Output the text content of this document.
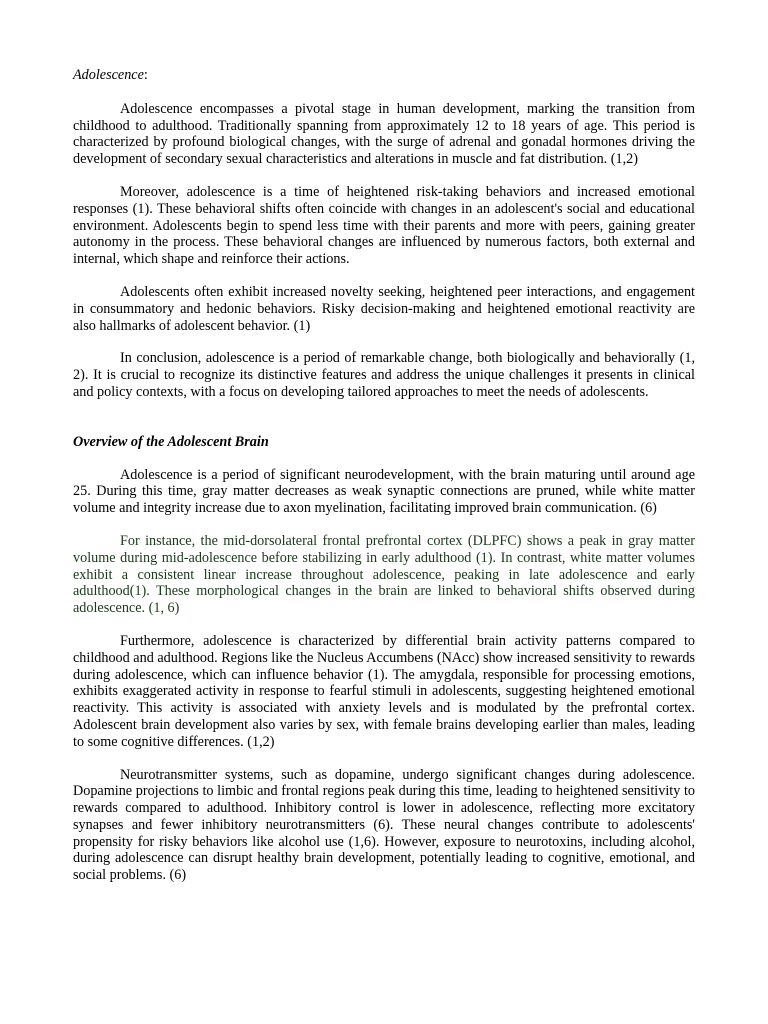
Adolescence:

Adolescence encompasses a pivotal stage in human development, marking the transition from childhood to adulthood. Traditionally spanning from approximately 12 to 18 years of age. This period is characterized by profound biological changes, with the surge of adrenal and gonadal hormones driving the development of secondary sexual characteristics and alterations in muscle and fat distribution. (1,2)

Moreover, adolescence is a time of heightened risk-taking behaviors and increased emotional responses (1). These behavioral shifts often coincide with changes in an adolescent's social and educational environment. Adolescents begin to spend less time with their parents and more with peers, gaining greater autonomy in the process. These behavioral changes are influenced by numerous factors, both external and internal, which shape and reinforce their actions.

Adolescents often exhibit increased novelty seeking, heightened peer interactions, and engagement in consummatory and hedonic behaviors. Risky decision-making and heightened emotional reactivity are also hallmarks of adolescent behavior. (1)

In conclusion, adolescence is a period of remarkable change, both biologically and behaviorally (1, 2). It is crucial to recognize its distinctive features and address the unique challenges it presents in clinical and policy contexts, with a focus on developing tailored approaches to meet the needs of adolescents.

Overview of the Adolescent Brain

Adolescence is a period of significant neurodevelopment, with the brain maturing until around age 25. During this time, gray matter decreases as weak synaptic connections are pruned, while white matter volume and integrity increase due to axon myelination, facilitating improved brain communication. (6)

For instance, the mid-dorsolateral frontal prefrontal cortex (DLPFC) shows a peak in gray matter volume during mid-adolescence before stabilizing in early adulthood (1). In contrast, white matter volumes exhibit a consistent linear increase throughout adolescence, peaking in late adolescence and early adulthood(1). These morphological changes in the brain are linked to behavioral shifts observed during adolescence. (1, 6)

Furthermore, adolescence is characterized by differential brain activity patterns compared to childhood and adulthood. Regions like the Nucleus Accumbens (NAcc) show increased sensitivity to rewards during adolescence, which can influence behavior (1). The amygdala, responsible for processing emotions, exhibits exaggerated activity in response to fearful stimuli in adolescents, suggesting heightened emotional reactivity. This activity is associated with anxiety levels and is modulated by the prefrontal cortex. Adolescent brain development also varies by sex, with female brains developing earlier than males, leading to some cognitive differences. (1,2)

Neurotransmitter systems, such as dopamine, undergo significant changes during adolescence. Dopamine projections to limbic and frontal regions peak during this time, leading to heightened sensitivity to rewards compared to adulthood. Inhibitory control is lower in adolescence, reflecting more excitatory synapses and fewer inhibitory neurotransmitters (6). These neural changes contribute to adolescents' propensity for risky behaviors like alcohol use (1,6). However, exposure to neurotoxins, including alcohol, during adolescence can disrupt healthy brain development, potentially leading to cognitive, emotional, and social problems. (6)
